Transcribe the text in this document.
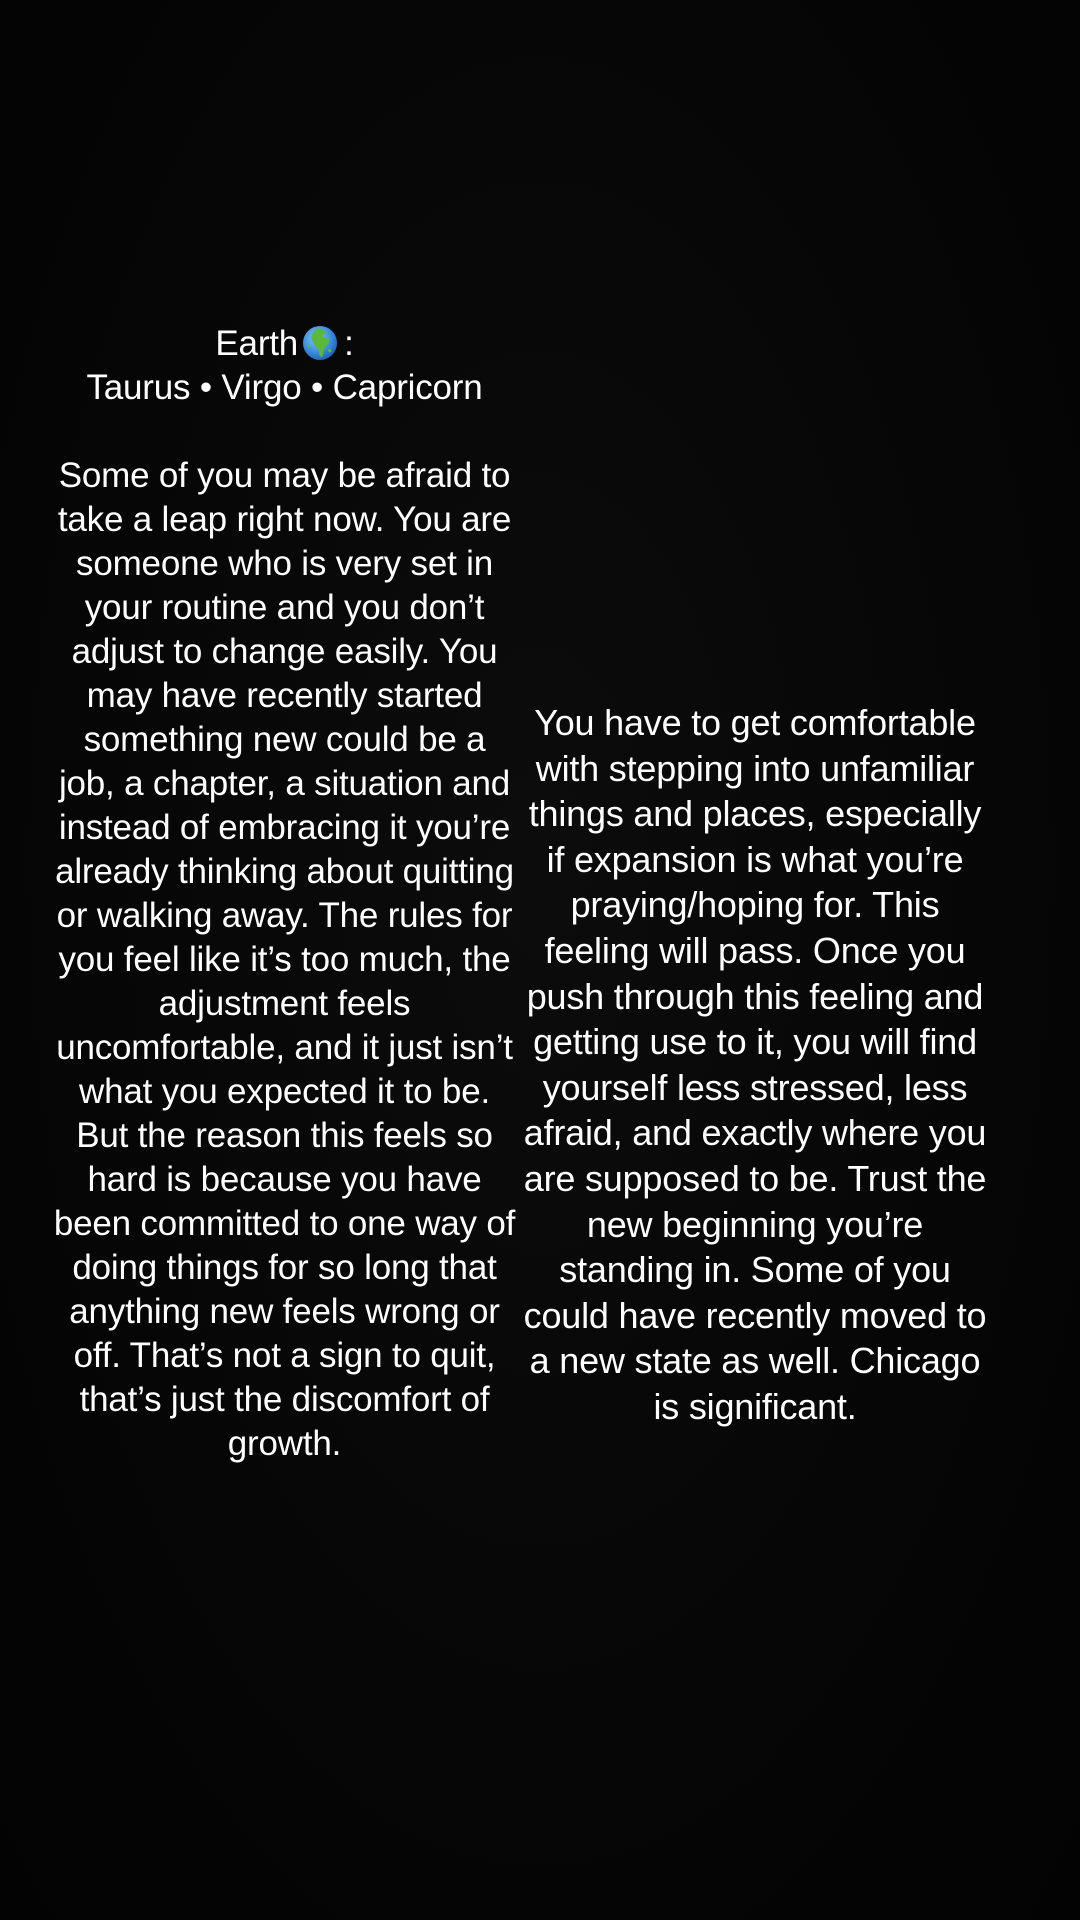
Earth :
Taurus • Virgo • Capricorn
Some of you may be afraid to take a leap right now. You are someone who is very set in your routine and you don’t adjust to change easily. You may have recently started something new could be a job, a chapter, a situation and instead of embracing it you’re already thinking about quitting or walking away. The rules for you feel like it’s too much, the adjustment feels uncomfortable, and it just isn’t what you expected it to be. But the reason this feels so hard is because you have been committed to one way of doing things for so long that anything new feels wrong or off. That’s not a sign to quit, that’s just the discomfort of growth.
You have to get comfortable with stepping into unfamiliar things and places, especially if expansion is what you’re praying/hoping for. This feeling will pass. Once you push through this feeling and getting use to it, you will find yourself less stressed, less afraid, and exactly where you are supposed to be. Trust the new beginning you’re standing in. Some of you could have recently moved to a new state as well. Chicago is significant.
